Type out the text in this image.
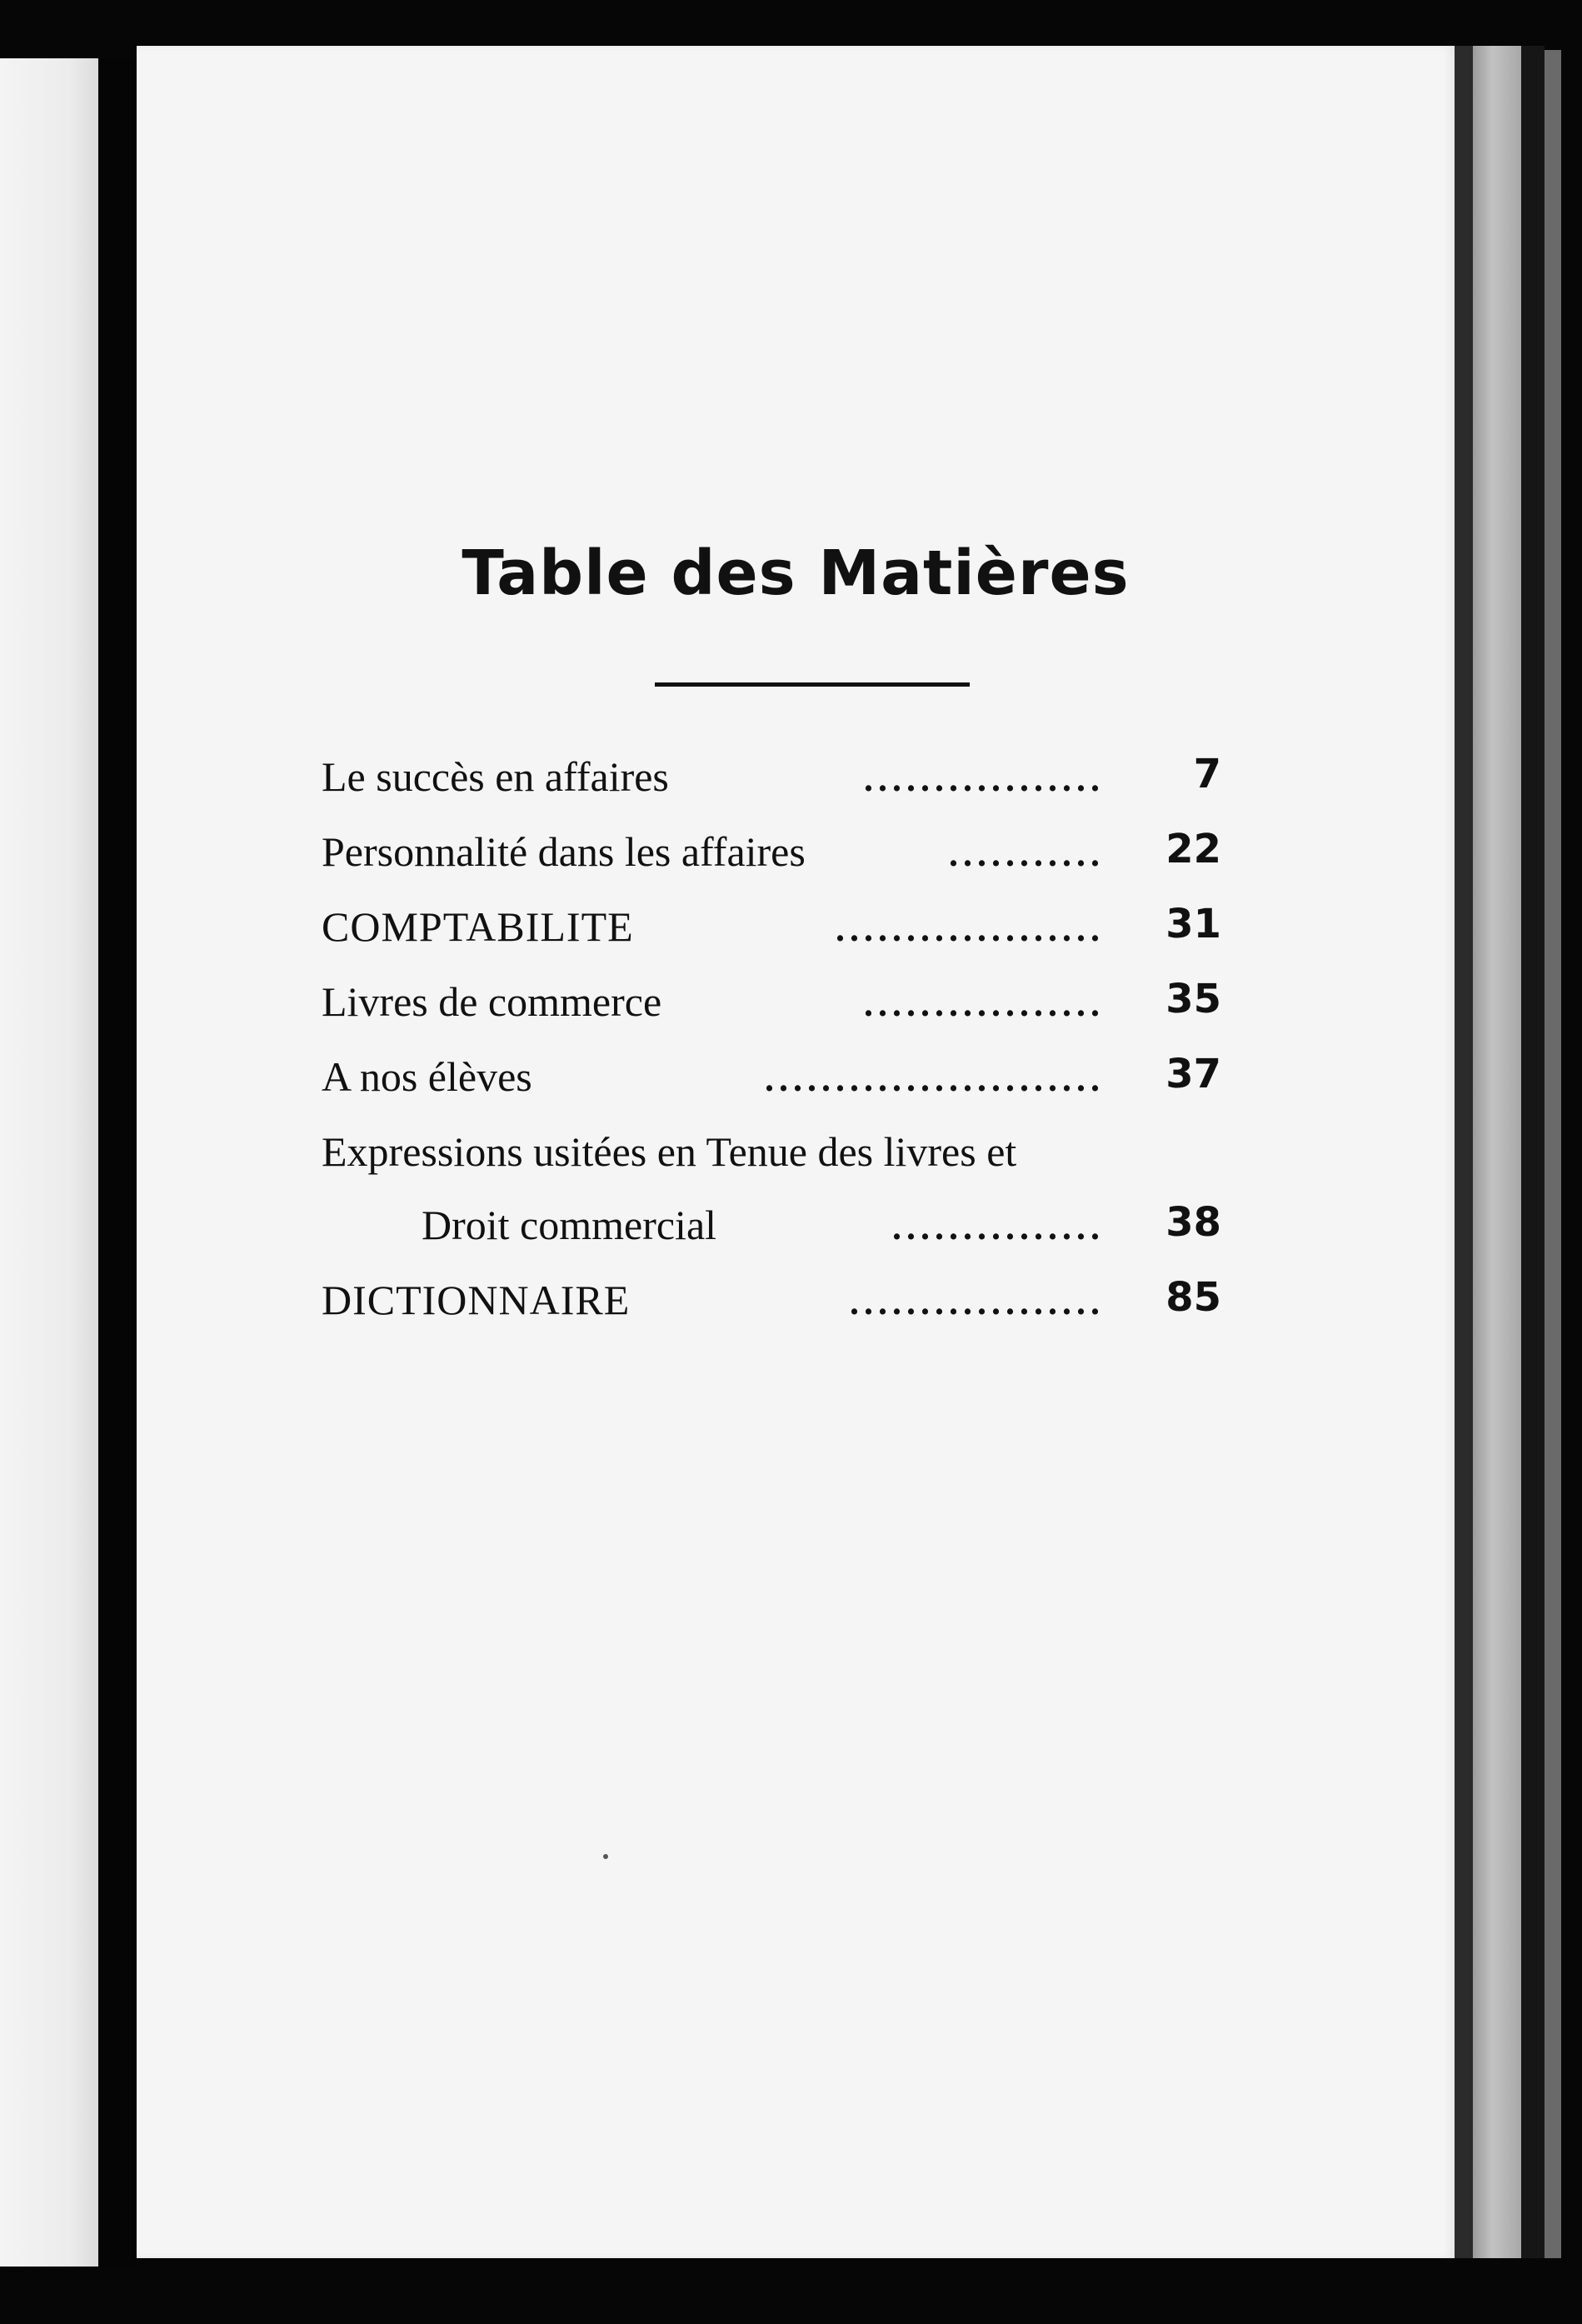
Table des Matières
Le succès en affaires	.................	7
Personnalité dans les affaires	........... 22
COMPTABILITE	................... 31
Livres de commerce	................. 35
A nos élèves	........................ 37
Expressions usitées en Tenue des livres et
Droit commercial	............... 38
DICTIONNAIRE	.................. 85
